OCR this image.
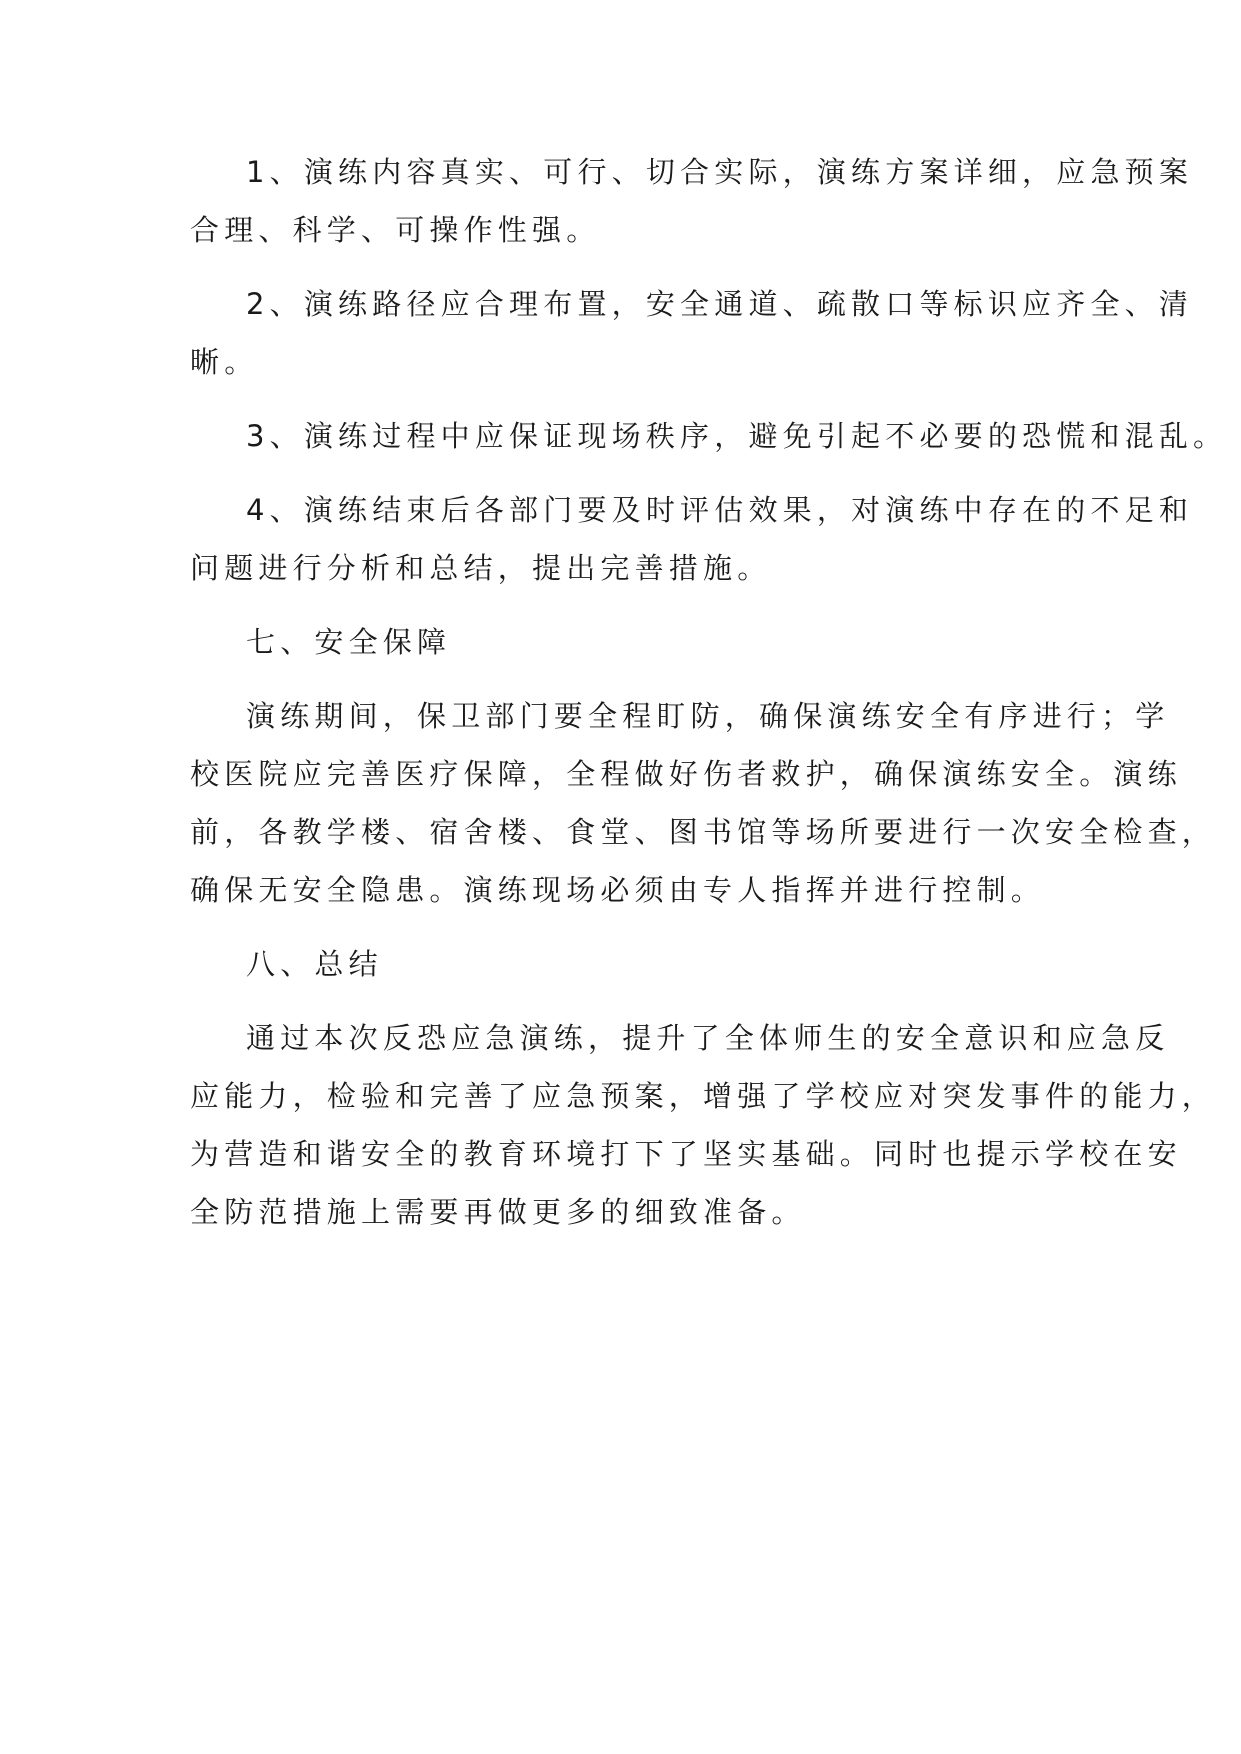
1、演练内容真实、可行、切合实际，演练方案详细，应急预案

合理、科学、可操作性强。

2、演练路径应合理布置，安全通道、疏散口等标识应齐全、清

晰。

3、演练过程中应保证现场秩序，避免引起不必要的恐慌和混乱。

4、演练结束后各部门要及时评估效果，对演练中存在的不足和

问题进行分析和总结，提出完善措施。

七、安全保障

演练期间，保卫部门要全程盯防，确保演练安全有序进行；学

校医院应完善医疗保障，全程做好伤者救护，确保演练安全。演练

前，各教学楼、宿舍楼、食堂、图书馆等场所要进行一次安全检查，

确保无安全隐患。演练现场必须由专人指挥并进行控制。

八、总结

通过本次反恐应急演练，提升了全体师生的安全意识和应急反

应能力，检验和完善了应急预案，增强了学校应对突发事件的能力，

为营造和谐安全的教育环境打下了坚实基础。同时也提示学校在安

全防范措施上需要再做更多的细致准备。
